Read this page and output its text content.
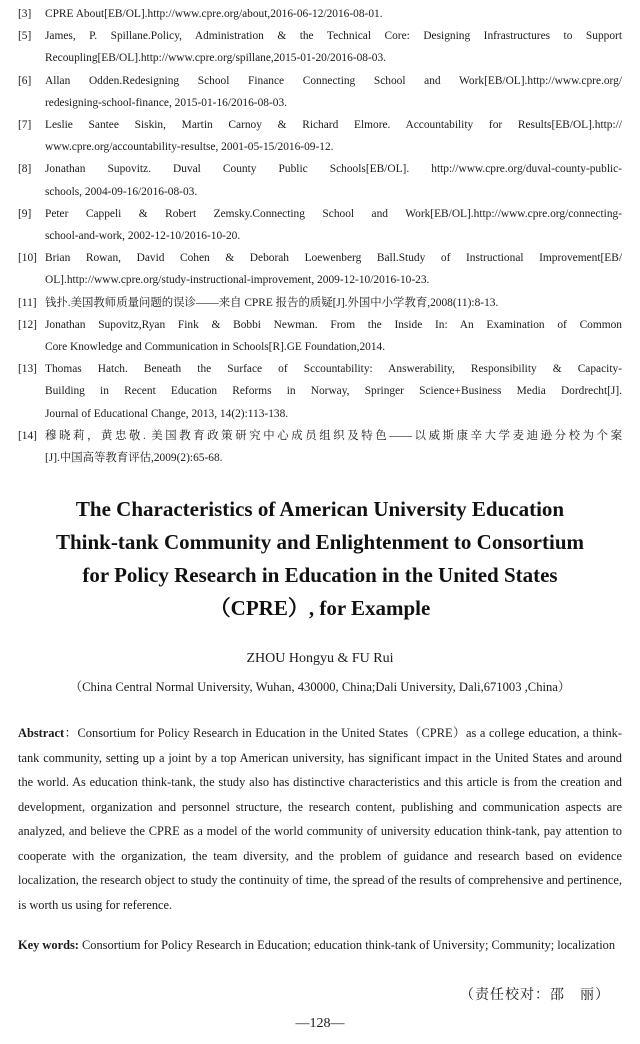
[3]	CPRE About[EB/OL].http://www.cpre.org/about,2016-06-12/2016-08-01.
[5]	James, P. Spillane.Policy, Administration & the Technical Core: Designing Infrastructures to Support
Recoupling[EB/OL].http://www.cpre.org/spillane,2015-01-20/2016-08-03.
[6]	Allan Odden.Redesigning School Finance Connecting School and Work[EB/OL].http://www.cpre.org/
redesigning-school-finance, 2015-01-16/2016-08-03.
[7]	Leslie Santee Siskin, Martin Carnoy & Richard Elmore. Accountability for Results[EB/OL].http://
www.cpre.org/accountability-resultse, 2001-05-15/2016-09-12.
[8]	Jonathan Supovitz. Duval County Public Schools[EB/OL]. http://www.cpre.org/duval-county-public-
schools, 2004-09-16/2016-08-03.
[9]	Peter Cappeli & Robert Zemsky.Connecting School and Work[EB/OL].http://www.cpre.org/connecting-
school-and-work, 2002-12-10/2016-10-20.
[10] Brian Rowan, David Cohen & Deborah Loewenberg Ball.Study of Instructional Improvement[EB/
OL].http://www.cpre.org/study-instructional-improvement, 2009-12-10/2016-10-23.
[11] 钱扑.美国教师质量问题的误诊——来自 CPRE 报告的质疑[J].外国中小学教育,2008(11):8-13.
[12] Jonathan Supovitz,Ryan Fink & Bobbi Newman. From the Inside In: An Examination of Common
Core Knowledge and Communication in Schools[R].GE Foundation,2014.
[13] Thomas Hatch. Beneath the Surface of Sccountability: Answerability, Responsibility & Capacity-
Building in Recent Education Reforms in Norway, Springer Science+Business Media Dordrecht[J].
Journal of Educational Change, 2013, 14(2):113-138.
[14] 穆晓莉，黄忠敬. 美国教育政策研究中心成员组织及特色——以威斯康辛大学麦迪逊分校为个案
[J].中国高等教育评估,2009(2):65-68.
The Characteristics of American University Education
Think-tank Community and Enlightenment to Consortium
for Policy Research in Education in the United States
（CPRE）, for Example
ZHOU Hongyu & FU Rui
（China Central Normal University, Wuhan, 430000, China;Dali University, Dali,671003 ,China）
Abstract：Consortium for Policy Research in Education in the United States（CPRE）as a college education, a think-tank community, setting up a joint by a top American university, has significant impact in the United States and around the world. As education think-tank, the study also has distinctive characteristics and this article is from the creation and development, organization and personnel structure, the research content, publishing and communication aspects are analyzed, and believe the CPRE as a model of the world community of university education think-tank, pay attention to cooperate with the organization, the team diversity, and the problem of guidance and research based on evidence localization, the research object to study the continuity of time, the spread of the results of comprehensive and pertinence, is worth us using for reference.
Key words: Consortium for Policy Research in Education; education think-tank of University; Community; localization
（责任校对：邵　丽）
—128—
